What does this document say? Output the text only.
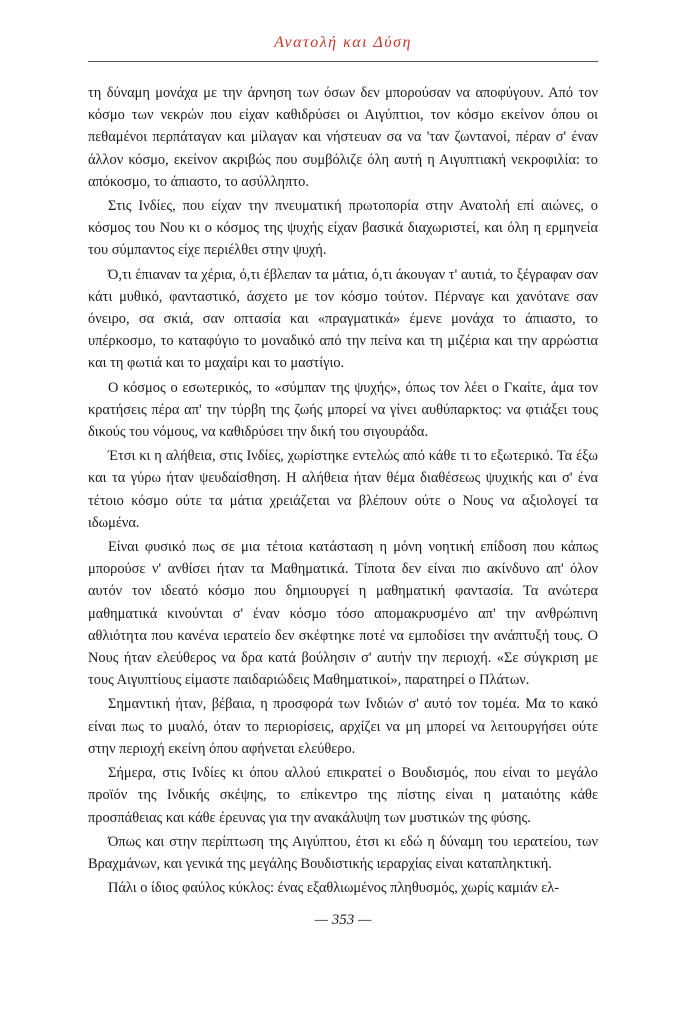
Ανατολή και Δύση

τη δύναμη μονάχα με την άρνηση των όσων δεν μπορούσαν να αποφύγουν. Από τον κόσμο των νεκρών που είχαν καθιδρύσει οι Αιγύπτιοι, τον κόσμο εκείνον όπου οι πεθαμένοι περπάταγαν και μίλαγαν και νήστευαν σα να 'ταν ζωντανοί, πέραν σ' έναν άλλον κόσμο, εκείνον ακριβώς που συμβόλιζε όλη αυτή η Αιγυπτιακή νεκροφιλία: το απόκοσμο, το άπιαστο, το ασύλληπτο.

Στις Ινδίες, που είχαν την πνευματική πρωτοπορία στην Ανατολή επί αιώνες, ο κόσμος του Νου κι ο κόσμος της ψυχής είχαν βασικά διαχωριστεί, και όλη η ερμηνεία του σύμπαντος είχε περιέλθει στην ψυχή.

Ό,τι έπιαναν τα χέρια, ό,τι έβλεπαν τα μάτια, ό,τι άκουγαν τ' αυτιά, το ξέγραφαν σαν κάτι μυθικό, φανταστικό, άσχετο με τον κόσμο τούτον. Πέρναγε και χανότανε σαν όνειρο, σα σκιά, σαν οπτασία και «πραγματικά» έμενε μονάχα το άπιαστο, το υπέρκοσμο, το καταφύγιο το μοναδικό από την πείνα και τη μιζέρια και την αρρώστια και τη φωτιά και το μαχαίρι και το μαστίγιο.

Ο κόσμος ο εσωτερικός, το «σύμπαν της ψυχής», όπως τον λέει ο Γκαίτε, άμα τον κρατήσεις πέρα απ' την τύρβη της ζωής μπορεί να γίνει αυθύπαρκτος: να φτιάξει τους δικούς του νόμους, να καθιδρύσει την δική του σιγουράδα.

Έτσι κι η αλήθεια, στις Ινδίες, χωρίστηκε εντελώς από κάθε τι το εξωτερικό. Τα έξω και τα γύρω ήταν ψευδαίσθηση. Η αλήθεια ήταν θέμα διαθέσεως ψυχικής και σ' ένα τέτοιο κόσμο ούτε τα μάτια χρειάζεται να βλέπουν ούτε ο Νους να αξιολογεί τα ιδωμένα.

Είναι φυσικό πως σε μια τέτοια κατάσταση η μόνη νοητική επίδοση που κάπως μπορούσε ν' ανθίσει ήταν τα Μαθηματικά. Τίποτα δεν είναι πιο ακίνδυνο απ' όλον αυτόν τον ιδεατό κόσμο που δημιουργεί η μαθηματική φαντασία. Τα ανώτερα μαθηματικά κινούνται σ' έναν κόσμο τόσο απομακρυσμένο απ' την ανθρώπινη αθλιότητα που κανένα ιερατείο δεν σκέφτηκε ποτέ να εμποδίσει την ανάπτυξή τους. Ο Νους ήταν ελεύθερος να δρα κατά βούλησιν σ' αυτήν την περιοχή. «Σε σύγκριση με τους Αιγυπτίους είμαστε παιδαριώδεις Μαθηματικοί», παρατηρεί ο Πλάτων.

Σημαντική ήταν, βέβαια, η προσφορά των Ινδιών σ' αυτό τον τομέα. Μα το κακό είναι πως το μυαλό, όταν το περιορίσεις, αρχίζει να μη μπορεί να λειτουργήσει ούτε στην περιοχή εκείνη όπου αφήνεται ελεύθερο.

Σήμερα, στις Ινδίες κι όπου αλλού επικρατεί ο Βουδισμός, που είναι το μεγάλο προϊόν της Ινδικής σκέψης, το επίκεντρο της πίστης είναι η ματαιότης κάθε προσπάθειας και κάθε έρευνας για την ανακάλυψη των μυστικών της φύσης.

Όπως και στην περίπτωση της Αιγύπτου, έτσι κι εδώ η δύναμη του ιερατείου, των Βραχμάνων, και γενικά της μεγάλης Βουδιστικής ιεραρχίας είναι καταπληκτική.

Πάλι ο ίδιος φαύλος κύκλος: ένας εξαθλιωμένος πληθυσμός, χωρίς καμιάν ελ-

— 353 —
